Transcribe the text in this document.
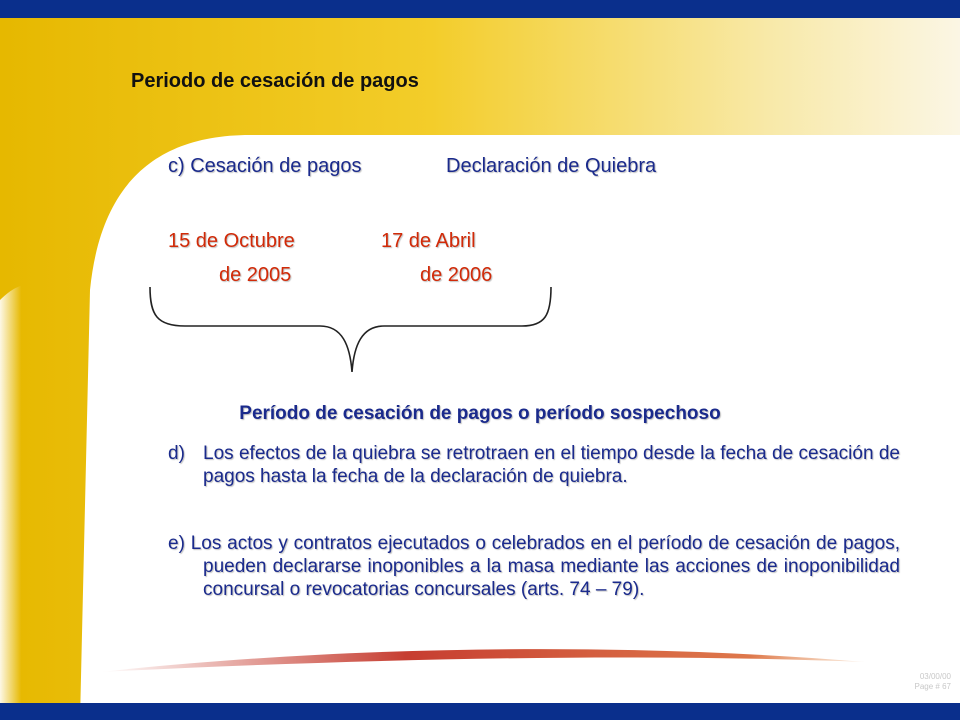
Periodo de cesación de pagos
c) Cesación de pagos	Declaración de Quiebra
15 de Octubre
de 2005
17 de Abril
de 2006
Período de cesación de pagos o período sospechoso
d) Los efectos de la quiebra se retrotraen en el tiempo desde la fecha de cesación de pagos hasta la fecha de la declaración de quiebra.
e) Los actos y contratos ejecutados o celebrados en el período de cesación de pagos, pueden declararse inoponibles a la masa mediante las acciones de inoponibilidad concursal o revocatorias concursales (arts. 74 – 79).
03/00/00
Page # 67
